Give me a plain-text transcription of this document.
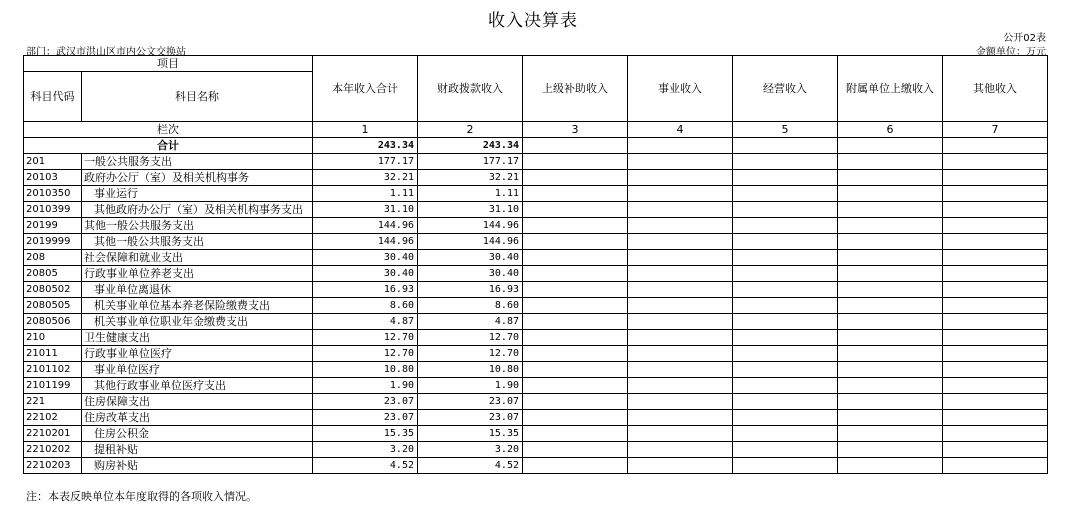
收入决算表
公开02表
部门：武汉市洪山区市内公文交换站	金额单位：万元
项目		本年收入合计	财政拨款收入	上级补助收入	事业收入	经营收入	附属单位上缴收入	其他收入
科目代码	科目名称							

栏次		1	2	3	4	5	6	7
合计		243.34	243.34					
201	一般公共服务支出	177.17	177.17					
20103	政府办公厅（室）及相关机构事务	32.21	32.21					
2010350	事业运行	1.11	1.11					
2010399	其他政府办公厅（室）及相关机构事务支出	31.10	31.10					
20199	其他一般公共服务支出	144.96	144.96					
2019999	其他一般公共服务支出	144.96	144.96					
208	社会保障和就业支出	30.40	30.40					
20805	行政事业单位养老支出	30.40	30.40					
2080502	事业单位离退休	16.93	16.93					
2080505	机关事业单位基本养老保险缴费支出	8.60	8.60					
2080506	机关事业单位职业年金缴费支出	4.87	4.87					
210	卫生健康支出	12.70	12.70					
21011	行政事业单位医疗	12.70	12.70					
2101102	事业单位医疗	10.80	10.80					
2101199	其他行政事业单位医疗支出	1.90	1.90					
221	住房保障支出	23.07	23.07					
22102	住房改革支出	23.07	23.07					
2210201	住房公积金	15.35	15.35					
2210202	提租补贴	3.20	3.20					
2210203	购房补贴	4.52	4.52					
注：本表反映单位本年度取得的各项收入情况。
